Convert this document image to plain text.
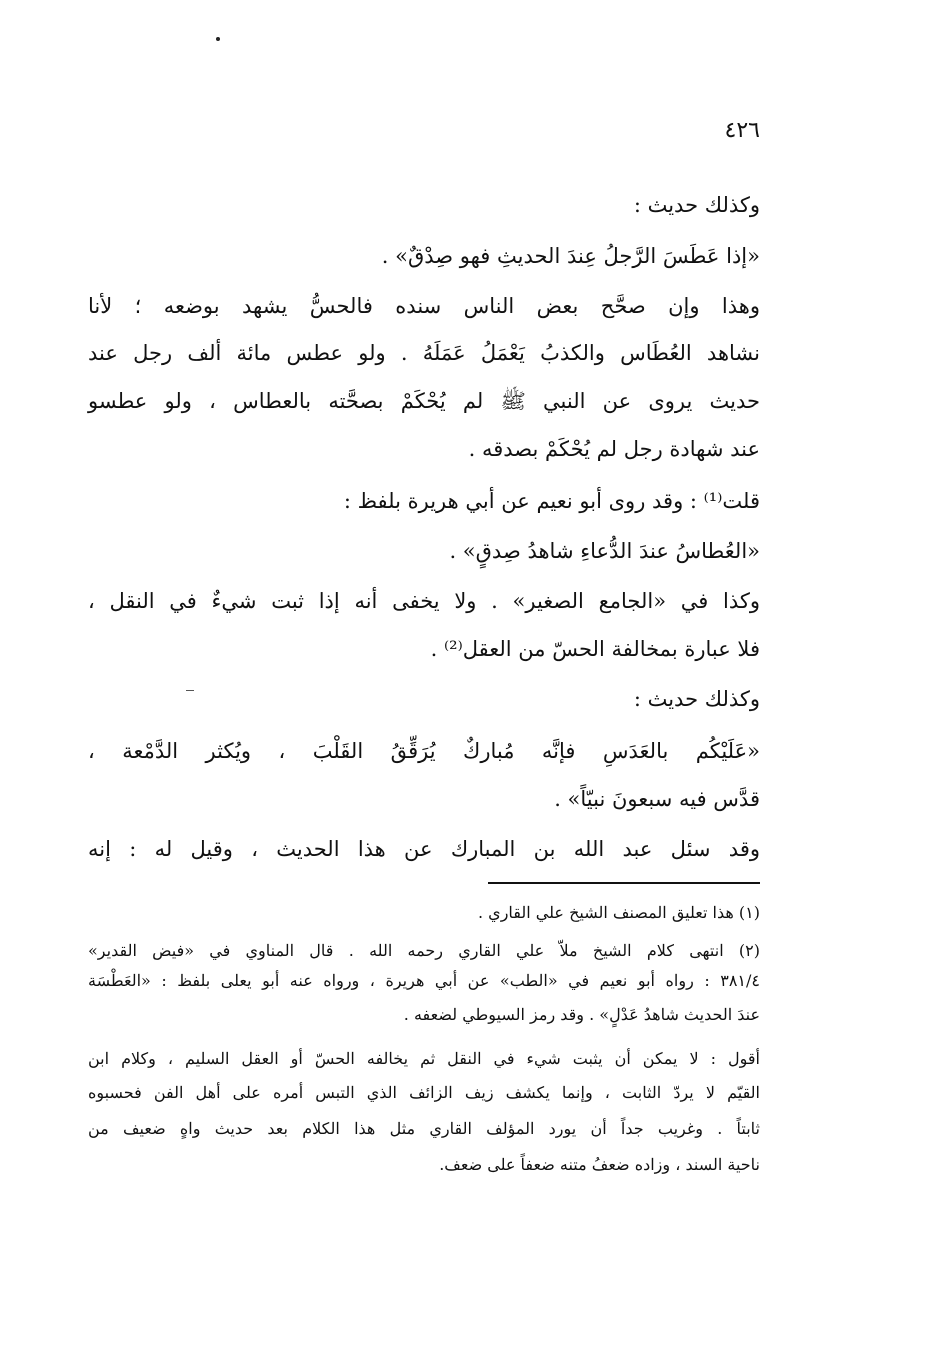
٤٢٦
وكذلك حديث :
«إذا عَطَسَ الرَّجلُ عِندَ الحديثِ فهو صِدْقٌ» .
وهذا وإن صحَّح بعض الناس سنده فالحسُّ يشهد بوضعه ؛ لأنا
نشاهد العُطَاس والكذبُ يَعْمَلُ عَمَلَهُ . ولو عطس مائة ألف رجل عند
حديث يروى عن النبي ﷺ لم يُحْكَمْ بصحَّته بالعطاس ، ولو عطسو
عند شهادة رجل لم يُحْكَمْ بصدقه .
قلت⁽¹⁾ : وقد روى أبو نعيم عن أبي هريرة بلفظ :
«العُطاسُ عندَ الدُّعاءِ شاهدُ صِدقٍ» .
وكذا في «الجامع الصغير» . ولا يخفى أنه إذا ثبت شيءٌ في النقل ،
فلا عبارة بمخالفة الحسّ من العقل⁽²⁾ .
وكذلك حديث :
«عَلَيْكُم بالعَدَسِ فإنَّه مُباركٌ يُرَقِّقُ القَلْبَ ، ويُكثر الدَّمْعة ،
قدَّس فيه سبعونَ نبيّاً» .
وقد سئل عبد الله بن المبارك عن هذا الحديث ، وقيل له : إنه
(١) هذا تعليق المصنف الشيخ علي القاري .
(٢) انتهى كلام الشيخ ملاّ علي القاري رحمه الله . قال المناوي في «فيض القدير»
٣٨١/٤ : رواه أبو نعيم في «الطب» عن أبي هريرة ، ورواه عنه أبو يعلى بلفظ : «العَطْسَة
عندَ الحديث شاهدُ عَدْلٍ» . وقد رمز السيوطي لضعفه .
أقول : لا يمكن أن يثبت شيء في النقل ثم يخالفه الحسّ أو العقل السليم ، وكلام ابن
القيّم لا يردّ الثابت ، وإنما يكشف زيف الزائف الذي التبس أمره على أهل الفن فحسبوه
ثابتاً . وغريب جداً أن يورد المؤلف القاري مثل هذا الكلام بعد حديث واهٍ ضعيف من
ناحية السند ، وزاده ضعفُ متنه ضعفاً على ضعف.
